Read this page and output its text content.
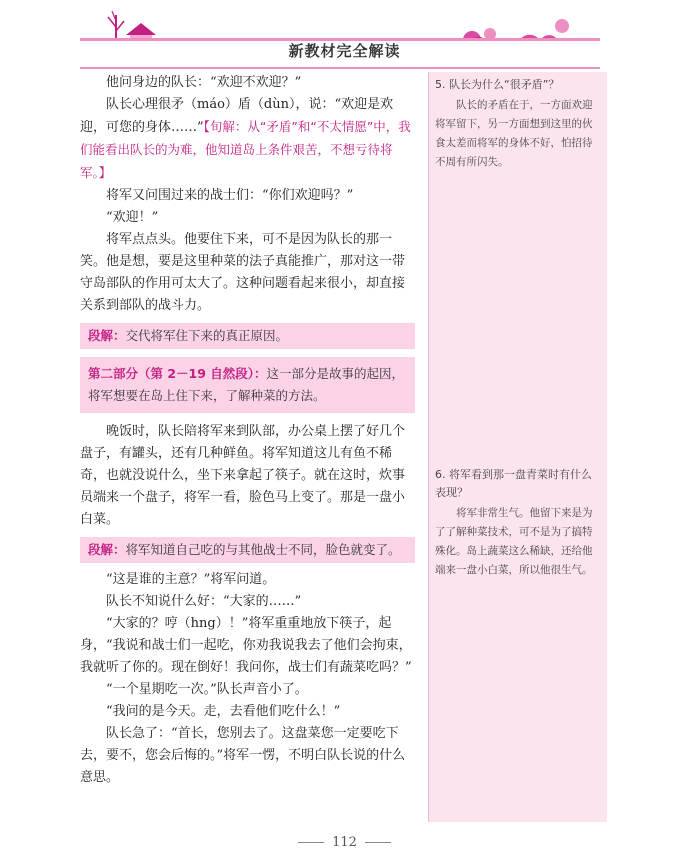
新教材完全解读

他问身边的队长：“欢迎不欢迎？”

队长心理很矛（máo）盾（dùn），说：“欢迎是欢迎，可您的身体……”【旬解：从“矛盾”和“不太情愿”中，我们能看出队长的为难，他知道岛上条件艰苦，不想亏待将军。】

将军又问围过来的战士们：“你们欢迎吗？”

“欢迎！”

将军点点头。他要住下来，可不是因为队长的那一笑。他是想，要是这里种菜的法子真能推广，那对这一带守岛部队的作用可太大了。这种问题看起来很小，却直接关系到部队的战斗力。

段解：交代将军住下来的真正原因。
第二部分（第 2－19 自然段）：这一部分是故事的起因，将军想要在岛上住下来，了解种菜的方法。

晚饭时，队长陪将军来到队部，办公桌上摆了好几个盘子，有罐头，还有几种鲜鱼。将军知道这儿有鱼不稀奇，也就没说什么，坐下来拿起了筷子。就在这时，炊事员端来一个盘子，将军一看，脸色马上变了。那是一盘小白菜。

段解：将军知道自己吃的与其他战士不同，脸色就变了。

“这是谁的主意？”将军问道。

队长不知说什么好：“大家的……”

“大家的？哼（hng）！”将军重重地放下筷子，起身，“我说和战士们一起吃，你劝我说我去了他们会拘束，我就听了你的。现在倒好！我问你，战士们有蔬菜吃吗？”

“一个星期吃一次。”队长声音小了。

“我问的是今天。走，去看他们吃什么！”

队长急了：“首长，您别去了。这盘菜您一定要吃下去，要不，您会后悔的。”将军一愣，不明白队长说的什么意思。

5. 队长为什么“很矛盾”？

队长的矛盾在于，一方面欢迎将军留下，另一方面想到这里的伙食太差而将军的身体不好，怕招待不周有所闪失。

6. 将军看到那一盘青菜时有什么表现？

将军非常生气。他留下来是为了了解种菜技术，可不是为了搞特殊化。岛上蔬菜这么稀缺，还给他端来一盘小白菜，所以他很生气。

112
